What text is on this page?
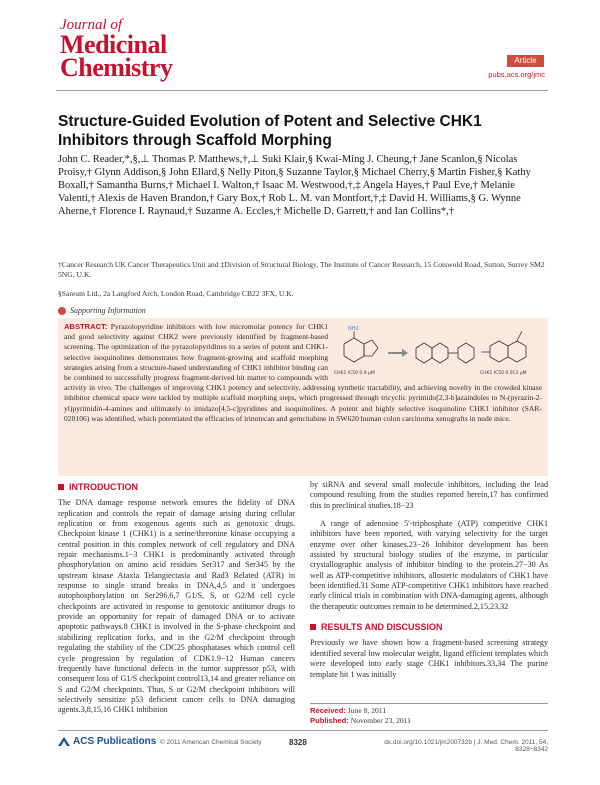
Journal of
Medicinal
Chemistry	Article
pubs.acs.org/jmc
Structure-Guided Evolution of Potent and Selective CHK1 Inhibitors through Scaffold Morphing
John C. Reader,*,§,⊥ Thomas P. Matthews,†,⊥ Suki Klair,§ Kwai-Ming J. Cheung,† Jane Scanlon,§ Nicolas Proisy,† Glynn Addison,§ John Ellard,§ Nelly Piton,§ Suzanne Taylor,§ Michael Cherry,§ Martin Fisher,§ Kathy Boxall,† Samantha Burns,† Michael I. Walton,† Isaac M. Westwood,†,‡ Angela Hayes,† Paul Eve,† Melanie Valenti,† Alexis de Haven Brandon,† Gary Box,† Rob L. M. van Montfort,†,‡ David H. Williams,§ G. Wynne Aherne,† Florence I. Raynaud,† Suzanne A. Eccles,† Michelle D. Garrett,† and Ian Collins*,†
†Cancer Research UK Cancer Therapeutics Unit and ‡Division of Structural Biology, The Institute of Cancer Research, 15 Cotswold Road, Sutton, Surrey SM2 5NG, U.K.
§Sareum Ltd., 2a Langford Arch, London Road, Cambridge CB22 3FX, U.K.
Supporting Information
ABSTRACT: Pyrazolopyridine inhibitors with low micromolar potency for CHK1 and good selectivity against CHK2 were previously identified by fragment-based screening. The optimization of the pyrazolopyridines to a series of potent and CHK1-selective isoquinolines demonstrates how fragment-growing and scaffold morphing strategies arising from a structure-based understanding of CHK1 inhibitor binding can be combined to successfully progress fragment-derived hit matter to compounds with activity in vivo. The challenges of improving CHK1 potency and selectivity, addressing synthetic tractability, and achieving novelty in the crowded kinase inhibitor chemical space were tackled by multiple scaffold morphing steps, which progressed through tricyclic pyrimido[2,3-b]azaindoles to N-(pyrazin-2-yl)pyrimidin-4-amines and ultimately to imidazo[4,5-c]pyridines and isoquinolines. A potent and highly selective isoquinoline CHK1 inhibitor (SAR-020106) was identified, which potentiated the efficacies of irinotecan and gemcitabine in SW620 human colon carcinoma xenografts in nude mice.
NH2
CHK1 IC50 0.9 μM	CHK1 IC50 0.013 μM
INTRODUCTION

The DNA damage response network ensures the fidelity of DNA replication and controls the repair of damage arising during cellular replication or from exogenous agents such as genotoxic drugs. Checkpoint kinase 1 (CHK1) is a serine/threonine kinase occupying a central position in this complex network of cell regulatory and DNA repair mechanisms.1−3 CHK1 is predominantly activated through phosphorylation on amino acid residues Ser317 and Ser345 by the upstream kinase Ataxia Telangiectasia and Rad3 Related (ATR) in response to single strand breaks in DNA,4,5 and it undergoes autophosphorylation on Ser296.6,7 G1/S, S, or G2/M cell cycle checkpoints are activated in response to genotoxic antitumor drugs to provide an opportunity for repair of damaged DNA or to activate apoptotic pathways.8 CHK1 is involved in the S-phase checkpoint and stabilizing replication forks, and in the G2/M checkpoint through regulating the stability of the CDC25 phosphatases which control cell cycle progression by regulation of CDK1.9−12 Human cancers frequently have functional defects in the tumor suppressor p53, with consequent loss of G1/S checkpoint control13,14 and greater reliance on S and G2/M checkpoints. Thus, S or G2/M checkpoint inhibitors will selectively sensitize p53 deficient cancer cells to DNA damaging agents.3,8,15,16 CHK1 inhibition

by siRNA and several small molecule inhibitors, including the lead compound resulting from the studies reported herein,17 has confirmed this in preclinical studies.18−23

A range of adenosine 5′-triphosphate (ATP) competitive CHK1 inhibitors have been reported, with varying selectivity for the target enzyme over other kinases.23−26 Inhibitor development has been assisted by structural biology studies of the enzyme, in particular crystallographic analysis of inhibitor binding to the protein.27−30 As well as ATP-competitive inhibitors, allosteric modulators of CHK1 have been identified.31 Some ATP-competitive CHK1 inhibitors have reached early clinical trials in combination with DNA-damaging agents, although the therapeutic outcomes remain to be determined.2,15,23,32

RESULTS AND DISCUSSION

Previously we have shown how a fragment-based screening strategy identified several low molecular weight, ligand efficient templates which were developed into early stage CHK1 inhibitors.33,34 The purine template hit 1 was initially

Received: June 8, 2011
Published: November 23, 2011
ACS Publications © 2011 American Chemical Society	8328	dx.doi.org/10.1021/jm200732b | J. Med. Chem. 2011, 54, 8328−8342
